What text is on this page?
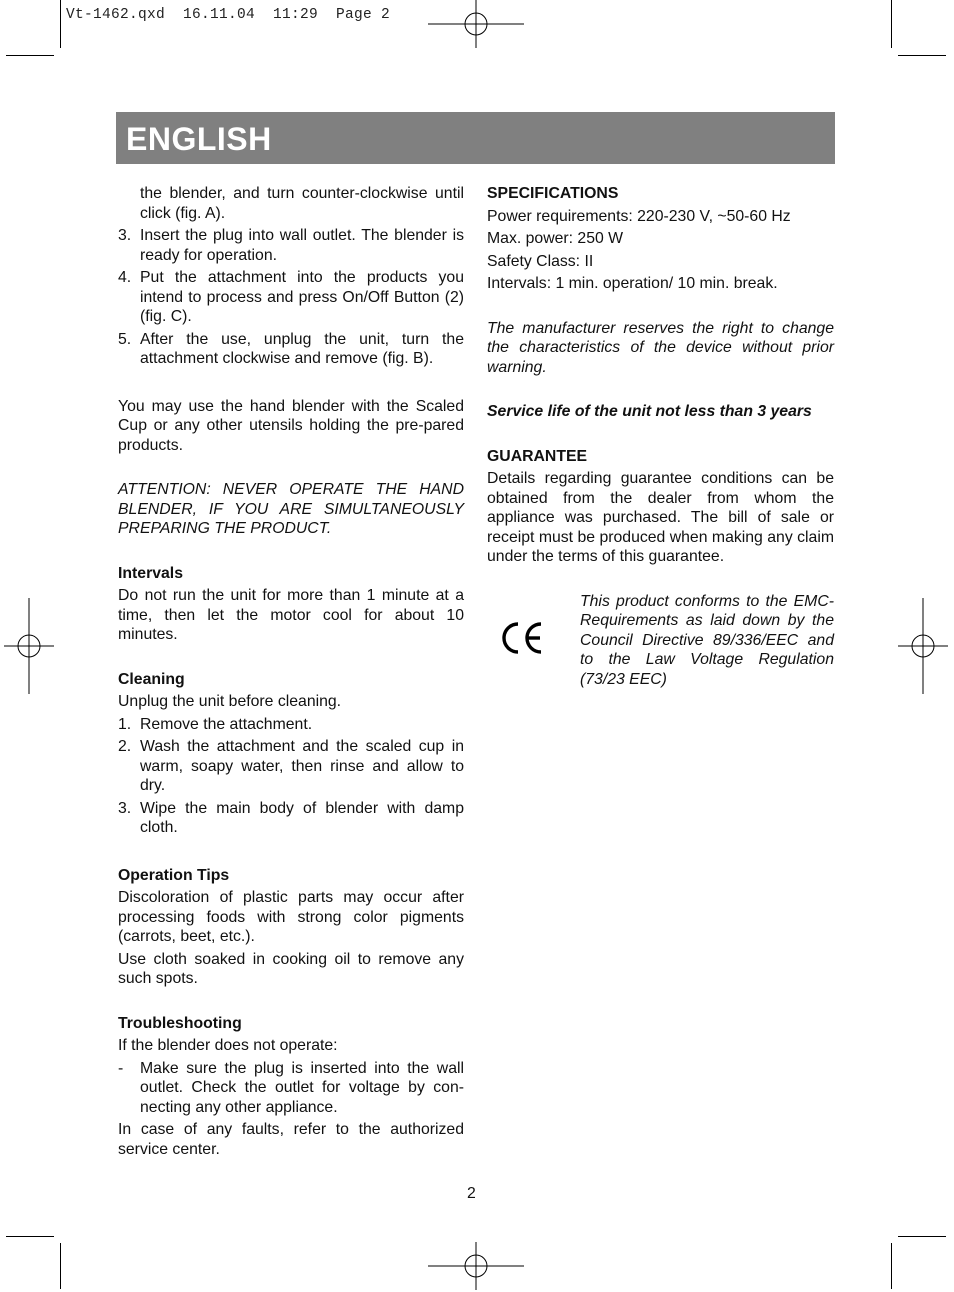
Vt-1462.qxd  16.11.04  11:29  Page 2
ENGLISH
the blender, and turn counter-clockwise until click (fig. A).
3. Insert the plug into wall outlet. The blender is ready for operation.
4. Put the attachment into the products you intend to process and press On/Off Button (2) (fig. C).
5. After the use, unplug the unit, turn the attachment clockwise and remove (fig. B).

You may use the hand blender with the Scaled Cup or any other utensils holding the pre-pared products.

ATTENTION: NEVER OPERATE THE HAND BLENDER, IF YOU ARE SIMULTANEOUSLY PREPARING THE PRODUCT.

Intervals

Do not run the unit for more than 1 minute at a time, then let the motor cool for about 10 minutes.

Cleaning

Unplug the unit before cleaning.

1. Remove the attachment.
2. Wash the attachment and the scaled cup in warm, soapy water, then rinse and allow to dry.
3. Wipe the main body of blender with damp cloth.

Operation Tips

Discoloration of plastic parts may occur after processing foods with strong color pigments (carrots, beet, etc.).

Use cloth soaked in cooking oil to remove any such spots.

Troubleshooting

If the blender does not operate:

-	Make sure the plug is inserted into the wall outlet. Check the outlet for voltage by con-necting any other appliance.

In case of any faults, refer to the authorized service center.

SPECIFICATIONS

Power requirements: 220-230 V, ~50-60 Hz

Max. power: 250 W

Safety Class: II

Intervals: 1 min. operation/ 10 min. break.

The manufacturer reserves the right to change the characteristics of the device without prior warning.

Service life of the unit not less than 3 years

GUARANTEE

Details regarding guarantee conditions can be obtained from the dealer from whom the appliance was purchased. The bill of sale or receipt must be produced when making any claim under the terms of this guarantee.

This product conforms to the EMC-Requirements as laid down by the Council Directive 89/336/EEC and to the Law Voltage Regulation (73/23 EEC)

2
